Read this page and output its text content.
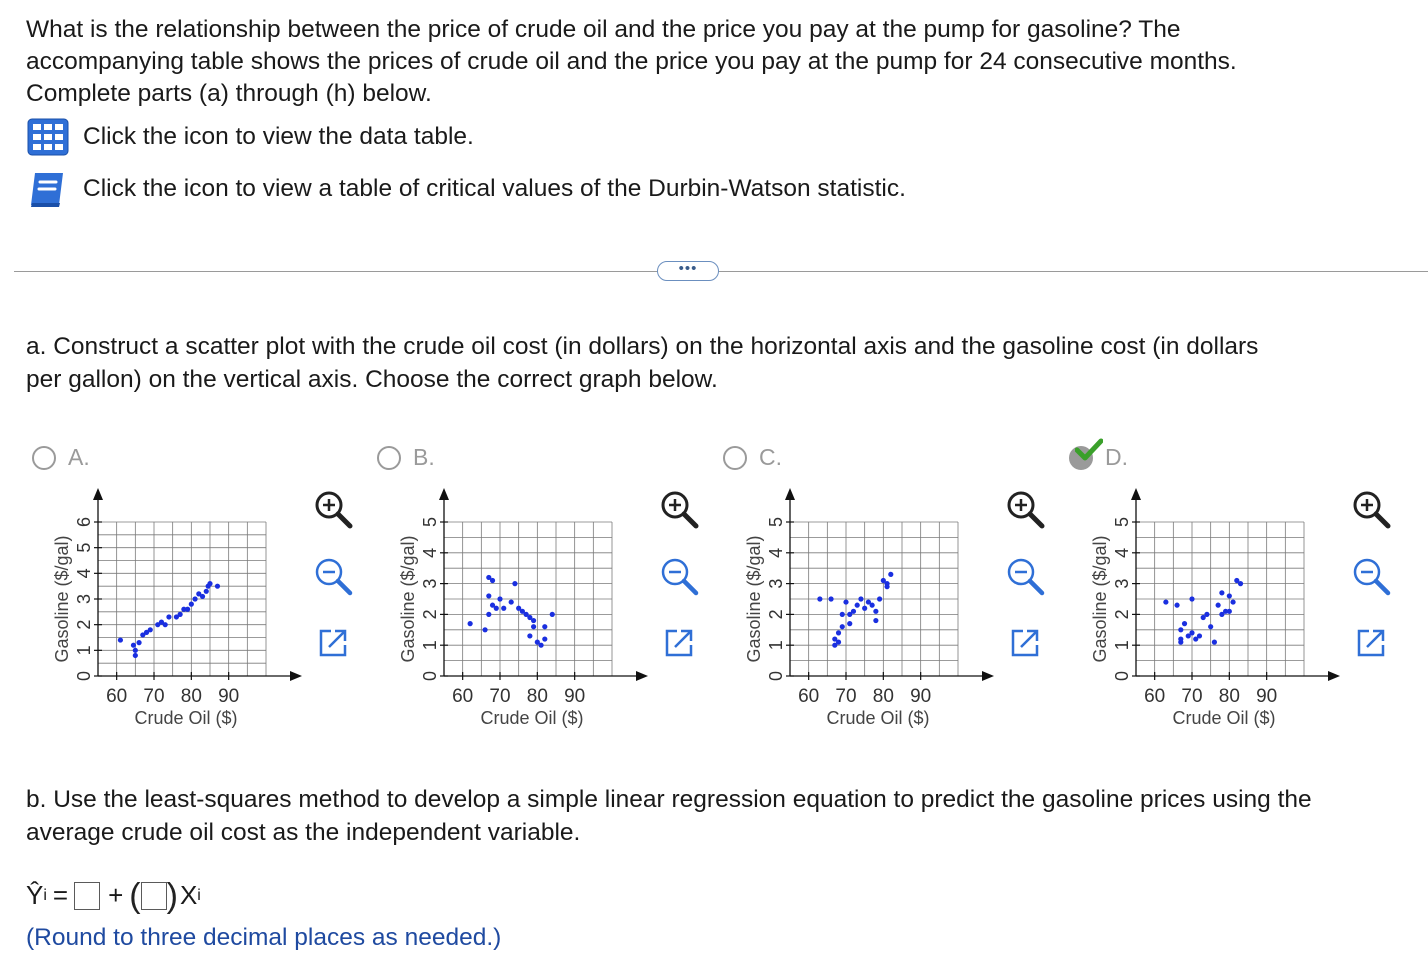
What is the relationship between the price of crude oil and the price you pay at the pump for gasoline? The
accompanying table shows the prices of crude oil and the price you pay at the pump for 24 consecutive months.
Complete parts (a) through (h) below.
Click the icon to view the data table.
Click the icon to view a table of critical values of the Durbin-Watson statistic.
•••
a. Construct a scatter plot with the crude oil cost (in dollars) on the horizontal axis and the gasoline cost (in dollars
per gallon) on the vertical axis. Choose the correct graph below.
A.	B.	C.	D.
60 70 80 90
0
1
2
3
4
5
6
Crude Oil ($)
Gasoline ($/gal)
60 70 80 90
0
1
2
3
4
5
Crude Oil ($)
Gasoline ($/gal)
60 70 80 90
0
1
2
3
4
5
Crude Oil ($)
Gasoline ($/gal)
60 70 80 90
0
1
2
3
4
5
Crude Oil ($)
Gasoline ($/gal)
b. Use the least-squares method to develop a simple linear regression equation to predict the gasoline prices using the
average crude oil cost as the independent variable.
Ŷ i = + ( ) X i
(Round to three decimal places as needed.)
